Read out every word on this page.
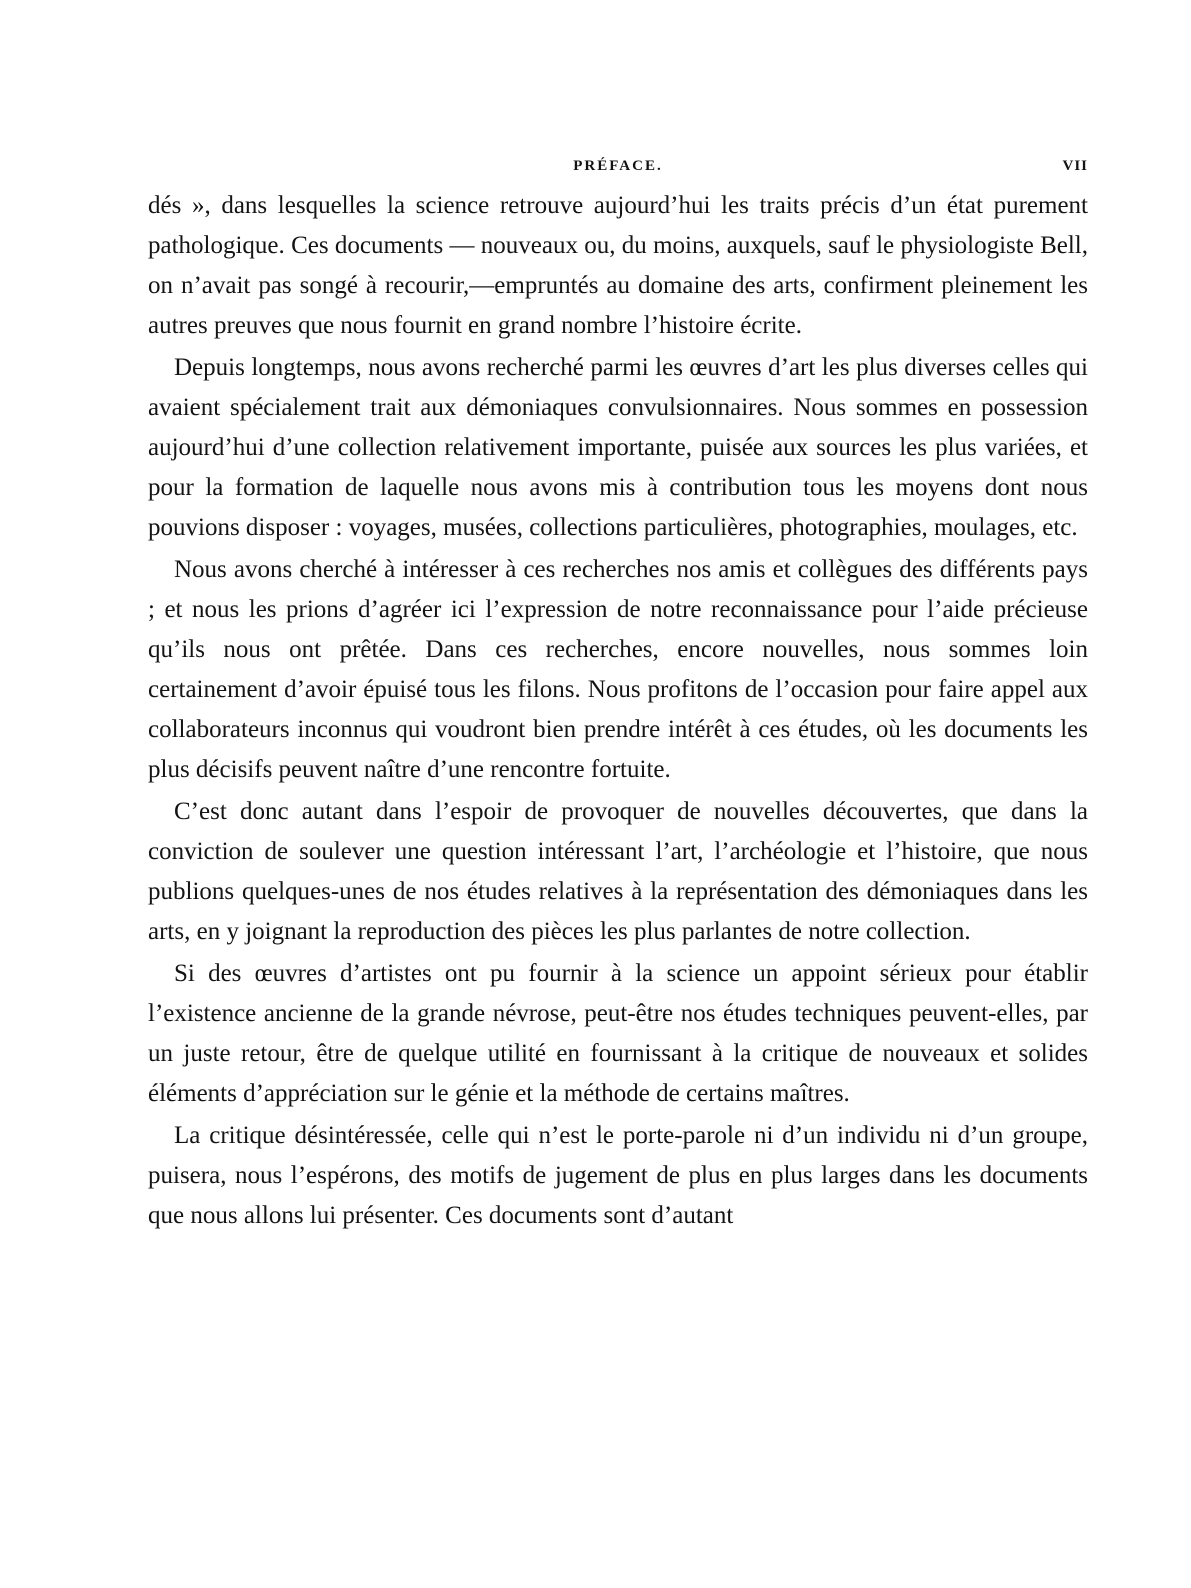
PRÉFACE.	VII

dés », dans lesquelles la science retrouve aujourd’hui les traits précis d’un état purement pathologique. Ces documents — nouveaux ou, du moins, auxquels, sauf le physiologiste Bell, on n’avait pas songé à recourir,—empruntés au domaine des arts, confirment pleinement les autres preuves que nous fournit en grand nombre l’histoire écrite.

Depuis longtemps, nous avons recherché parmi les œuvres d’art les plus diverses celles qui avaient spécialement trait aux démoniaques convulsionnaires. Nous sommes en possession aujourd’hui d’une collection relativement importante, puisée aux sources les plus variées, et pour la formation de laquelle nous avons mis à contribution tous les moyens dont nous pouvions disposer : voyages, musées, collections particulières, photographies, moulages, etc.

Nous avons cherché à intéresser à ces recherches nos amis et collègues des différents pays ; et nous les prions d’agréer ici l’expression de notre reconnaissance pour l’aide précieuse qu’ils nous ont prêtée. Dans ces recherches, encore nouvelles, nous sommes loin certainement d’avoir épuisé tous les filons. Nous profitons de l’occasion pour faire appel aux collaborateurs inconnus qui voudront bien prendre intérêt à ces études, où les documents les plus décisifs peuvent naître d’une rencontre fortuite.

C’est donc autant dans l’espoir de provoquer de nouvelles découvertes, que dans la conviction de soulever une question intéressant l’art, l’archéologie et l’histoire, que nous publions quelques-unes de nos études relatives à la représentation des démoniaques dans les arts, en y joignant la reproduction des pièces les plus parlantes de notre collection.

Si des œuvres d’artistes ont pu fournir à la science un appoint sérieux pour établir l’existence ancienne de la grande névrose, peut-être nos études techniques peuvent-elles, par un juste retour, être de quelque utilité en fournissant à la critique de nouveaux et solides éléments d’appréciation sur le génie et la méthode de certains maîtres.

La critique désintéressée, celle qui n’est le porte-parole ni d’un individu ni d’un groupe, puisera, nous l’espérons, des motifs de jugement de plus en plus larges dans les documents que nous allons lui présenter. Ces documents sont d’autant
